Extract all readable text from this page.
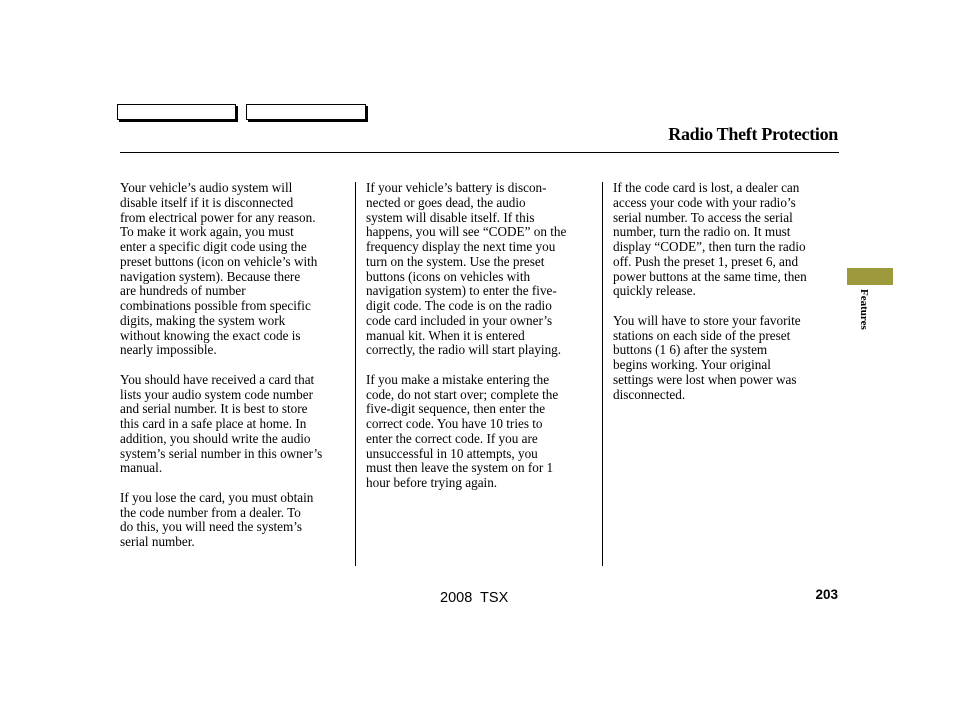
Radio Theft Protection

Your vehicle’s audio system will
disable itself if it is disconnected
from electrical power for any reason.
To make it work again, you must
enter a specific digit code using the
preset buttons (icon on vehicle’s with
navigation system). Because there
are hundreds of number
combinations possible from specific
digits, making the system work
without knowing the exact code is
nearly impossible.

You should have received a card that
lists your audio system code number
and serial number. It is best to store
this card in a safe place at home. In
addition, you should write the audio
system’s serial number in this owner’s
manual.

If you lose the card, you must obtain
the code number from a dealer. To
do this, you will need the system’s
serial number.

If your vehicle’s battery is discon-
nected or goes dead, the audio
system will disable itself. If this
happens, you will see “CODE” on the
frequency display the next time you
turn on the system. Use the preset
buttons (icons on vehicles with
navigation system) to enter the five-
digit code. The code is on the radio
code card included in your owner’s
manual kit. When it is entered
correctly, the radio will start playing.

If you make a mistake entering the
code, do not start over; complete the
five-digit sequence, then enter the
correct code. You have 10 tries to
enter the correct code. If you are
unsuccessful in 10 attempts, you
must then leave the system on for 1
hour before trying again.

If the code card is lost, a dealer can
access your code with your radio’s
serial number. To access the serial
number, turn the radio on. It must
display “CODE”, then turn the radio
off. Push the preset 1, preset 6, and
power buttons at the same time, then
quickly release.

You will have to store your favorite
stations on each side of the preset
buttons (1 6) after the system
begins working. Your original
settings were lost when power was
disconnected.

Features
2008  TSX	203
